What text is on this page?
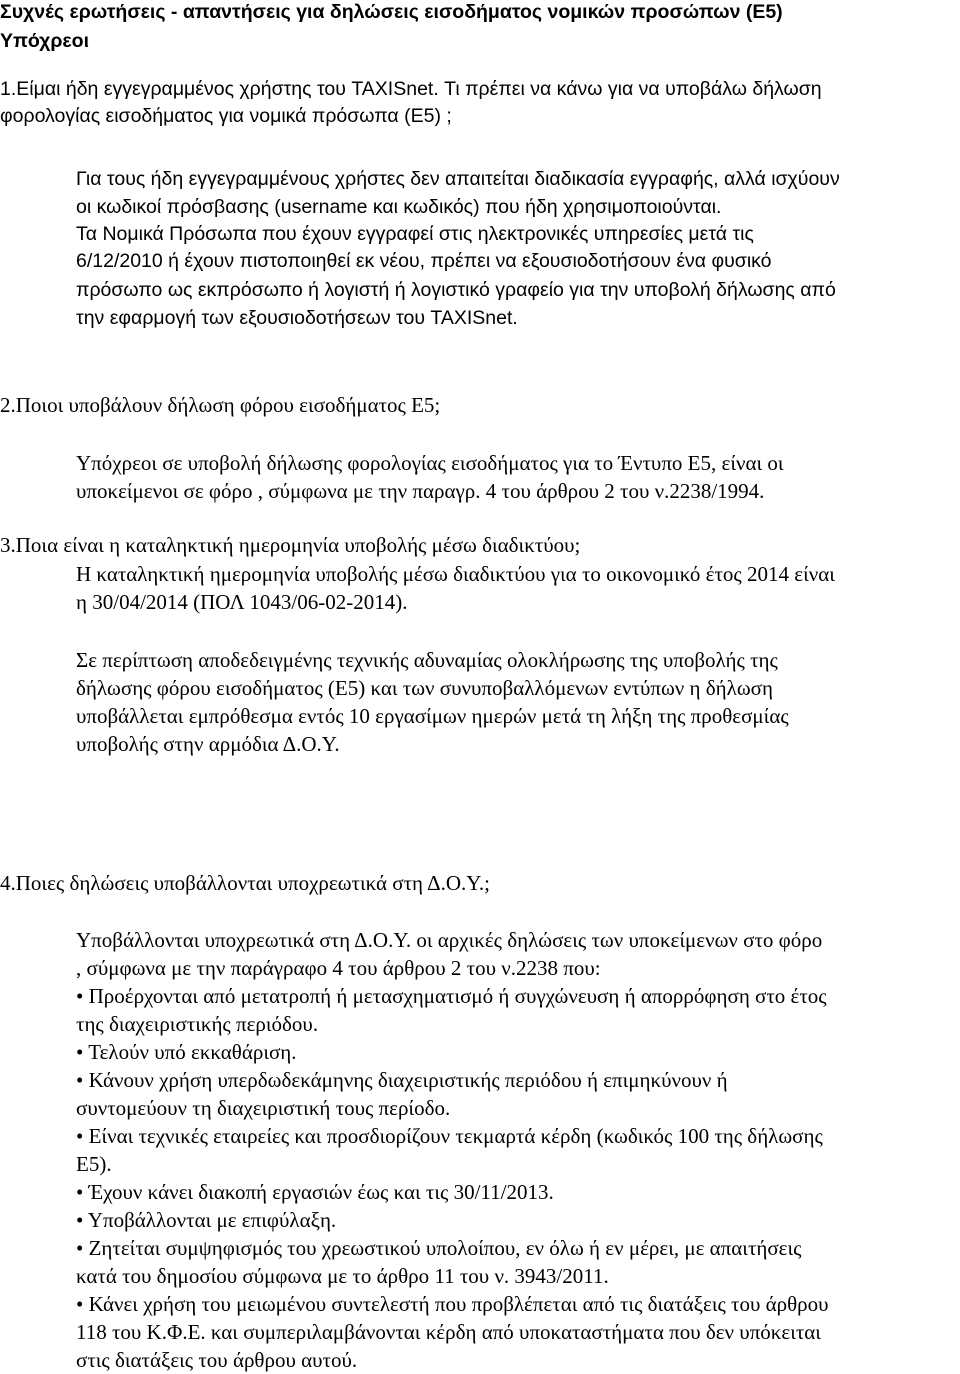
Συχνές ερωτήσεις - απαντήσεις για δηλώσεις εισοδήματος νομικών προσώπων (Ε5)
Υπόχρεοι
1.Είμαι ήδη εγγεγραμμένος χρήστης του TAXISnet. Τι πρέπει να κάνω για να υποβάλω δήλωση
φορολογίας εισοδήματος για νομικά πρόσωπα (Ε5) ;
Για τους ήδη εγγεγραμμένους χρήστες δεν απαιτείται διαδικασία εγγραφής, αλλά ισχύουν
οι κωδικοί πρόσβασης (username και κωδικός) που ήδη χρησιμοποιούνται.
Τα Νομικά Πρόσωπα που έχουν εγγραφεί στις ηλεκτρονικές υπηρεσίες μετά τις
6/12/2010 ή έχουν πιστοποιηθεί εκ νέου, πρέπει να εξουσιοδοτήσουν ένα φυσικό
πρόσωπο ως εκπρόσωπο ή λογιστή ή λογιστικό γραφείο για την υποβολή δήλωσης από
την εφαρμογή των εξουσιοδοτήσεων του TAXISnet.
2.Ποιοι υποβάλουν δήλωση φόρου εισοδήματος Ε5;
Υπόχρεοι σε υποβολή δήλωσης φορολογίας εισοδήματος για το Έντυπο Ε5, είναι οι
υποκείμενοι σε φόρο , σύμφωνα με την παραγρ. 4 του άρθρου 2 του ν.2238/1994.
3.Ποια είναι η καταληκτική ημερομηνία υποβολής μέσω διαδικτύου;
Η καταληκτική ημερομηνία υποβολής μέσω διαδικτύου για το οικονομικό έτος 2014 είναι
η 30/04/2014 (ΠΟΛ 1043/06-02-2014).
Σε περίπτωση αποδεδειγμένης τεχνικής αδυναμίας ολοκλήρωσης της υποβολής της
δήλωσης φόρου εισοδήματος (Ε5) και των συνυποβαλλόμενων εντύπων η δήλωση
υποβάλλεται εμπρόθεσμα εντός 10 εργασίμων ημερών μετά τη λήξη της προθεσμίας
υποβολής στην αρμόδια Δ.Ο.Υ.
4.Ποιες δηλώσεις υποβάλλονται υποχρεωτικά στη Δ.Ο.Υ.;
Υποβάλλονται υποχρεωτικά στη Δ.Ο.Υ. οι αρχικές δηλώσεις των υποκείμενων στο φόρο
, σύμφωνα με την παράγραφο 4 του άρθρου 2 του ν.2238 που:
• Προέρχονται από μετατροπή ή μετασχηματισμό ή συγχώνευση ή απορρόφηση στο έτος
της διαχειριστικής περιόδου.
• Τελούν υπό εκκαθάριση.
• Κάνουν χρήση υπερδωδεκάμηνης διαχειριστικής περιόδου ή επιμηκύνουν ή
συντομεύουν τη διαχειριστική τους περίοδο.
• Είναι τεχνικές εταιρείες και προσδιορίζουν τεκμαρτά κέρδη (κωδικός 100 της δήλωσης
Ε5).
• Έχουν κάνει διακοπή εργασιών έως και τις 30/11/2013.
• Υποβάλλονται με επιφύλαξη.
• Ζητείται συμψηφισμός του χρεωστικού υπολοίπου, εν όλω ή εν μέρει, με απαιτήσεις
κατά του δημοσίου σύμφωνα με το άρθρο 11 του ν. 3943/2011.
• Κάνει χρήση του μειωμένου συντελεστή που προβλέπεται από τις διατάξεις του άρθρου
118 του Κ.Φ.Ε. και συμπεριλαμβάνονται κέρδη από υποκαταστήματα που δεν υπόκειται
στις διατάξεις του άρθρου αυτού.
